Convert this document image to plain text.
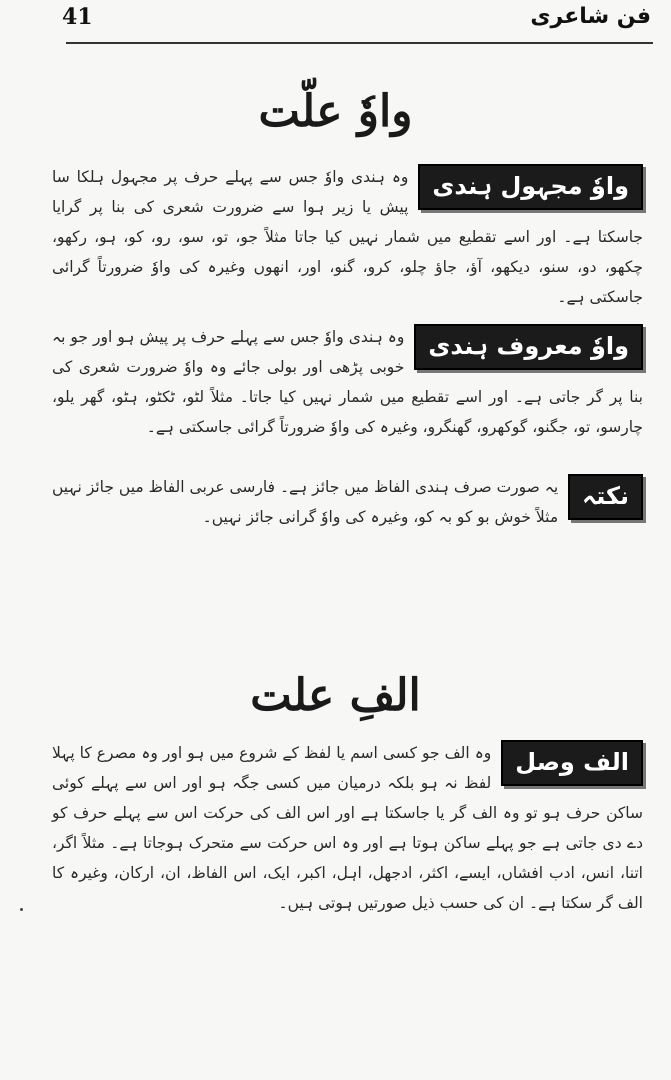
41	فن شاعری
واوٗ علّت
واوٗ مجہول ہندی
وہ ہندی واوٗ جس سے پہلے حرف پر مجہول ہلکا سا پیش یا زیر ہوا سے ضرورت شعری کی بنا پر گرایا جاسکتا ہے۔ اور اسے تقطیع میں شمار نہیں کیا جاتا مثلاً جو، تو، سو، رو، کو، ہو، رکھو، چکھو، دو، سنو، دیکھو، آؤ، جاؤ چلو، کرو، گنو، اور، انھوں وغیرہ کی واوٗ ضرورتاً گرائی جاسکتی ہے۔
واوٗ معروف ہندی
وہ ہندی واوٗ جس سے پہلے حرف پر پیش ہو اور جو بہ خوبی پڑھی اور بولی جائے وہ واوٗ ضرورت شعری کی بنا پر گر جاتی ہے۔ اور اسے تقطیع میں شمار نہیں کیا جاتا۔ مثلاً لٹو، ٹکٹو، ہٹو، گھر یلو، چارسو، تو، جگنو، گوکھرو، گھنگرو، وغیرہ کی واوٗ ضرورتاً گرائی جاسکتی ہے۔
نکتہ
یہ صورت صرف ہندی الفاظ میں جائز ہے۔ فارسی عربی الفاظ میں جائز نہیں مثلاً خوش بو کو بہ کو، وغیرہ کی واوٗ گرانی جائز نہیں۔
الفِ علت
الف وصل
وہ الف جو کسی اسم یا لفظ کے شروع میں ہو اور وہ مصرع کا پہلا لفظ نہ ہو بلکہ درمیان میں کسی جگہ ہو اور اس سے پہلے کوئی ساکن حرف ہو تو وہ الف گر یا جاسکتا ہے اور اس الف کی حرکت اس سے پہلے حرف کو دے دی جاتی ہے جو پہلے ساکن ہوتا ہے اور وہ اس حرکت سے متحرک ہوجاتا ہے۔ مثلاً اگر، اتنا، انس، ادب افشاں، ایسے، اکثر، ادجھل، اہل، اکبر، ایک، اس الفاظ، ان، ارکان، وغیرہ کا الف گر سکتا ہے۔ ان کی حسب ذیل صورتیں ہوتی ہیں۔
